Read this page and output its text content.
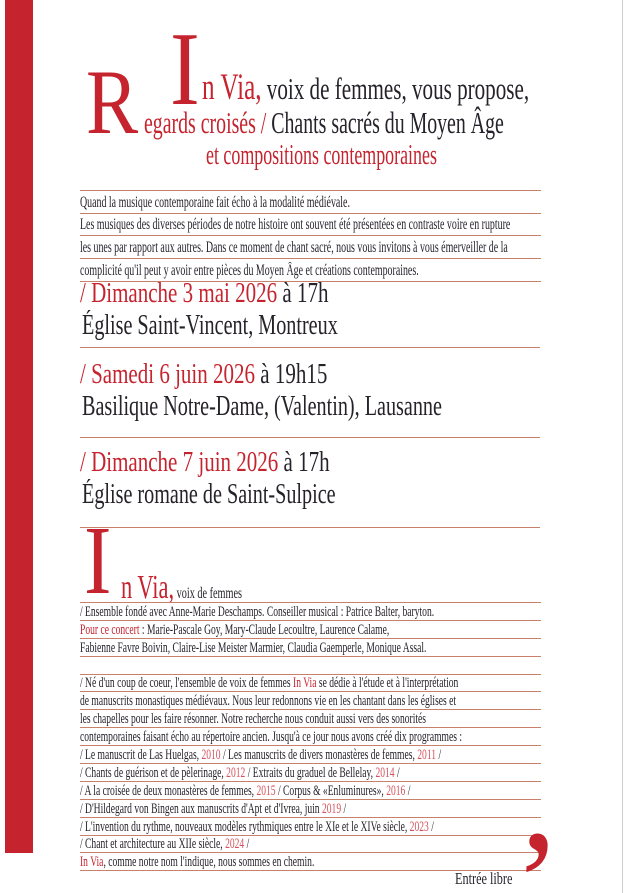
I n Via, voix de femmes, vous propose,
R egards croisés / Chants sacrés du Moyen Âge
et compositions contemporaines
Quand la musique contemporaine fait écho à la modalité médiévale.
Les musiques des diverses périodes de notre histoire ont souvent été présentées en contraste voire en rupture
les unes par rapport aux autres. Dans ce moment de chant sacré, nous vous invitons à vous émerveiller de la
complicité qu'il peut y avoir entre pièces du Moyen Âge et créations contemporaines.
/ Dimanche 3 mai 2026 à 17h
Église Saint-Vincent, Montreux
/ Samedi 6 juin 2026 à 19h15
Basilique Notre-Dame, (Valentin), Lausanne
/ Dimanche 7 juin 2026 à 17h
Église romane de Saint-Sulpice
I n Via, voix de femmes
/ Ensemble fondé avec Anne-Marie Deschamps. Conseiller musical : Patrice Balter, baryton.
Pour ce concert : Marie-Pascale Goy, Mary-Claude Lecoultre, Laurence Calame,
Fabienne Favre Boivin, Claire-Lise Meister Marmier, Claudia Gaemperle, Monique Assal.
/ Né d'un coup de coeur, l'ensemble de voix de femmes In Via se dédie à l'étude et à l'interprétation
de manuscrits monastiques médiévaux. Nous leur redonnons vie en les chantant dans les églises et
les chapelles pour les faire résonner. Notre recherche nous conduit aussi vers des sonorités
contemporaines faisant écho au répertoire ancien. Jusqu'à ce jour nous avons créé dix programmes :
/ Le manuscrit de Las Huelgas, 2010 / Les manuscrits de divers monastères de femmes, 2011 /
/ Chants de guérison et de pèlerinage, 2012 / Extraits du graduel de Bellelay, 2014 /
/ A la croisée de deux monastères de femmes, 2015 / Corpus & «Enluminures», 2016 /
/ D'Hildegard von Bingen aux manuscrits d'Apt et d'Ivrea, juin 2019 /
/ L'invention du rythme, nouveaux modèles rythmiques entre le XIe et le XIVe siècle, 2023 /
/ Chant et architecture au XIIe siècle, 2024 /
In Via, comme notre nom l'indique, nous sommes en chemin.
Entrée libre ,
